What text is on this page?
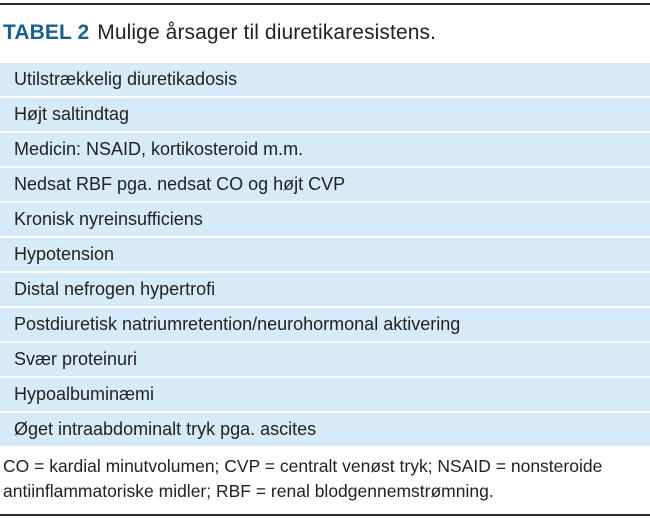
TABEL 2 Mulige årsager til diuretikaresistens.
Utilstrækkelig diuretikadosis
Højt saltindtag
Medicin: NSAID, kortikosteroid m.m.
Nedsat RBF pga. nedsat CO og højt CVP
Kronisk nyreinsufficiens
Hypotension
Distal nefrogen hypertrofi
Postdiuretisk natriumretention/neurohormonal aktivering
Svær proteinuri
Hypoalbuminæmi
Øget intraabdominalt tryk pga. ascites
CO = kardial minutvolumen; CVP = centralt venøst tryk; NSAID = nonsteroide
antiinflammatoriske midler; RBF = renal blodgennemstrømning.
